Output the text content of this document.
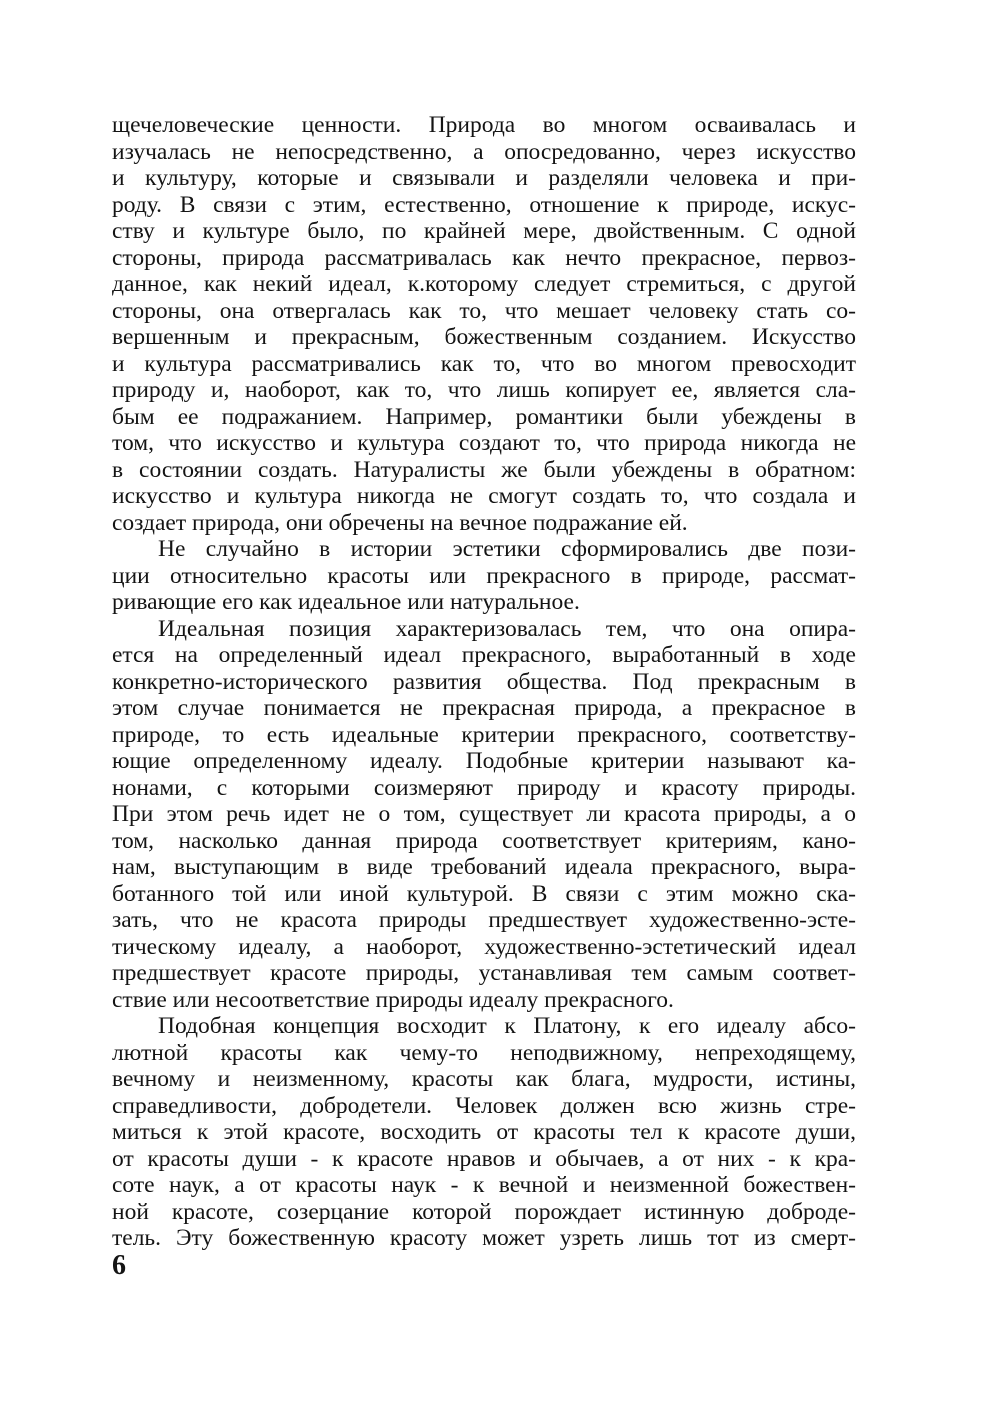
щечеловеческие ценности. Природа во многом осваивалась и
изучалась не непосредственно, а опосредованно, через искусство
и культуру, которые и связывали и разделяли человека и при-
роду. В связи с этим, естественно, отношение к природе, искус-
ству и культуре было, по крайней мере, двойственным. С одной
стороны, природа рассматривалась как нечто прекрасное, первоз-
данное, как некий идеал, к.которому следует стремиться, с другой
стороны, она отвергалась как то, что мешает человеку стать со-
вершенным и прекрасным, божественным созданием. Искусство
и культура рассматривались как то, что во многом превосходит
природу и, наоборот, как то, что лишь копирует ее, является сла-
бым ее подражанием. Например, романтики были убеждены в
том, что искусство и культура создают то, что природа никогда не
в состоянии создать. Натуралисты же были убеждены в обратном:
искусство и культура никогда не смогут создать то, что создала и
создает природа, они обречены на вечное подражание ей.
Не случайно в истории эстетики сформировались две пози-
ции относительно красоты или прекрасного в природе, рассмат-
ривающие его как идеальное или натуральное.
Идеальная позиция характеризовалась тем, что она опира-
ется на определенный идеал прекрасного, выработанный в ходе
конкретно-исторического развития общества. Под прекрасным в
этом случае понимается не прекрасная природа, а прекрасное в
природе, то есть идеальные критерии прекрасного, соответству-
ющие определенному идеалу. Подобные критерии называют ка-
нонами, с которыми соизмеряют природу и красоту природы.
При этом речь идет не о том, существует ли красота природы, а о
том, насколько данная природа соответствует критериям, кано-
нам, выступающим в виде требований идеала прекрасного, выра-
ботанного той или иной культурой. В связи с этим можно ска-
зать, что не красота природы предшествует художественно-эсте-
тическому идеалу, а наоборот, художественно-эстетический идеал
предшествует красоте природы, устанавливая тем самым соответ-
ствие или несоответствие природы идеалу прекрасного.
Подобная концепция восходит к Платону, к его идеалу абсо-
лютной красоты как чему-то неподвижному, непреходящему,
вечному и неизменному, красоты как блага, мудрости, истины,
справедливости, добродетели. Человек должен всю жизнь стре-
миться к этой красоте, восходить от красоты тел к красоте души,
от красоты души - к красоте нравов и обычаев, а от них - к кра-
соте наук, а от красоты наук - к вечной и неизменной божествен-
ной красоте, созерцание которой порождает истинную доброде-
тель. Эту божественную красоту может узреть лишь тот из смерт-
6
